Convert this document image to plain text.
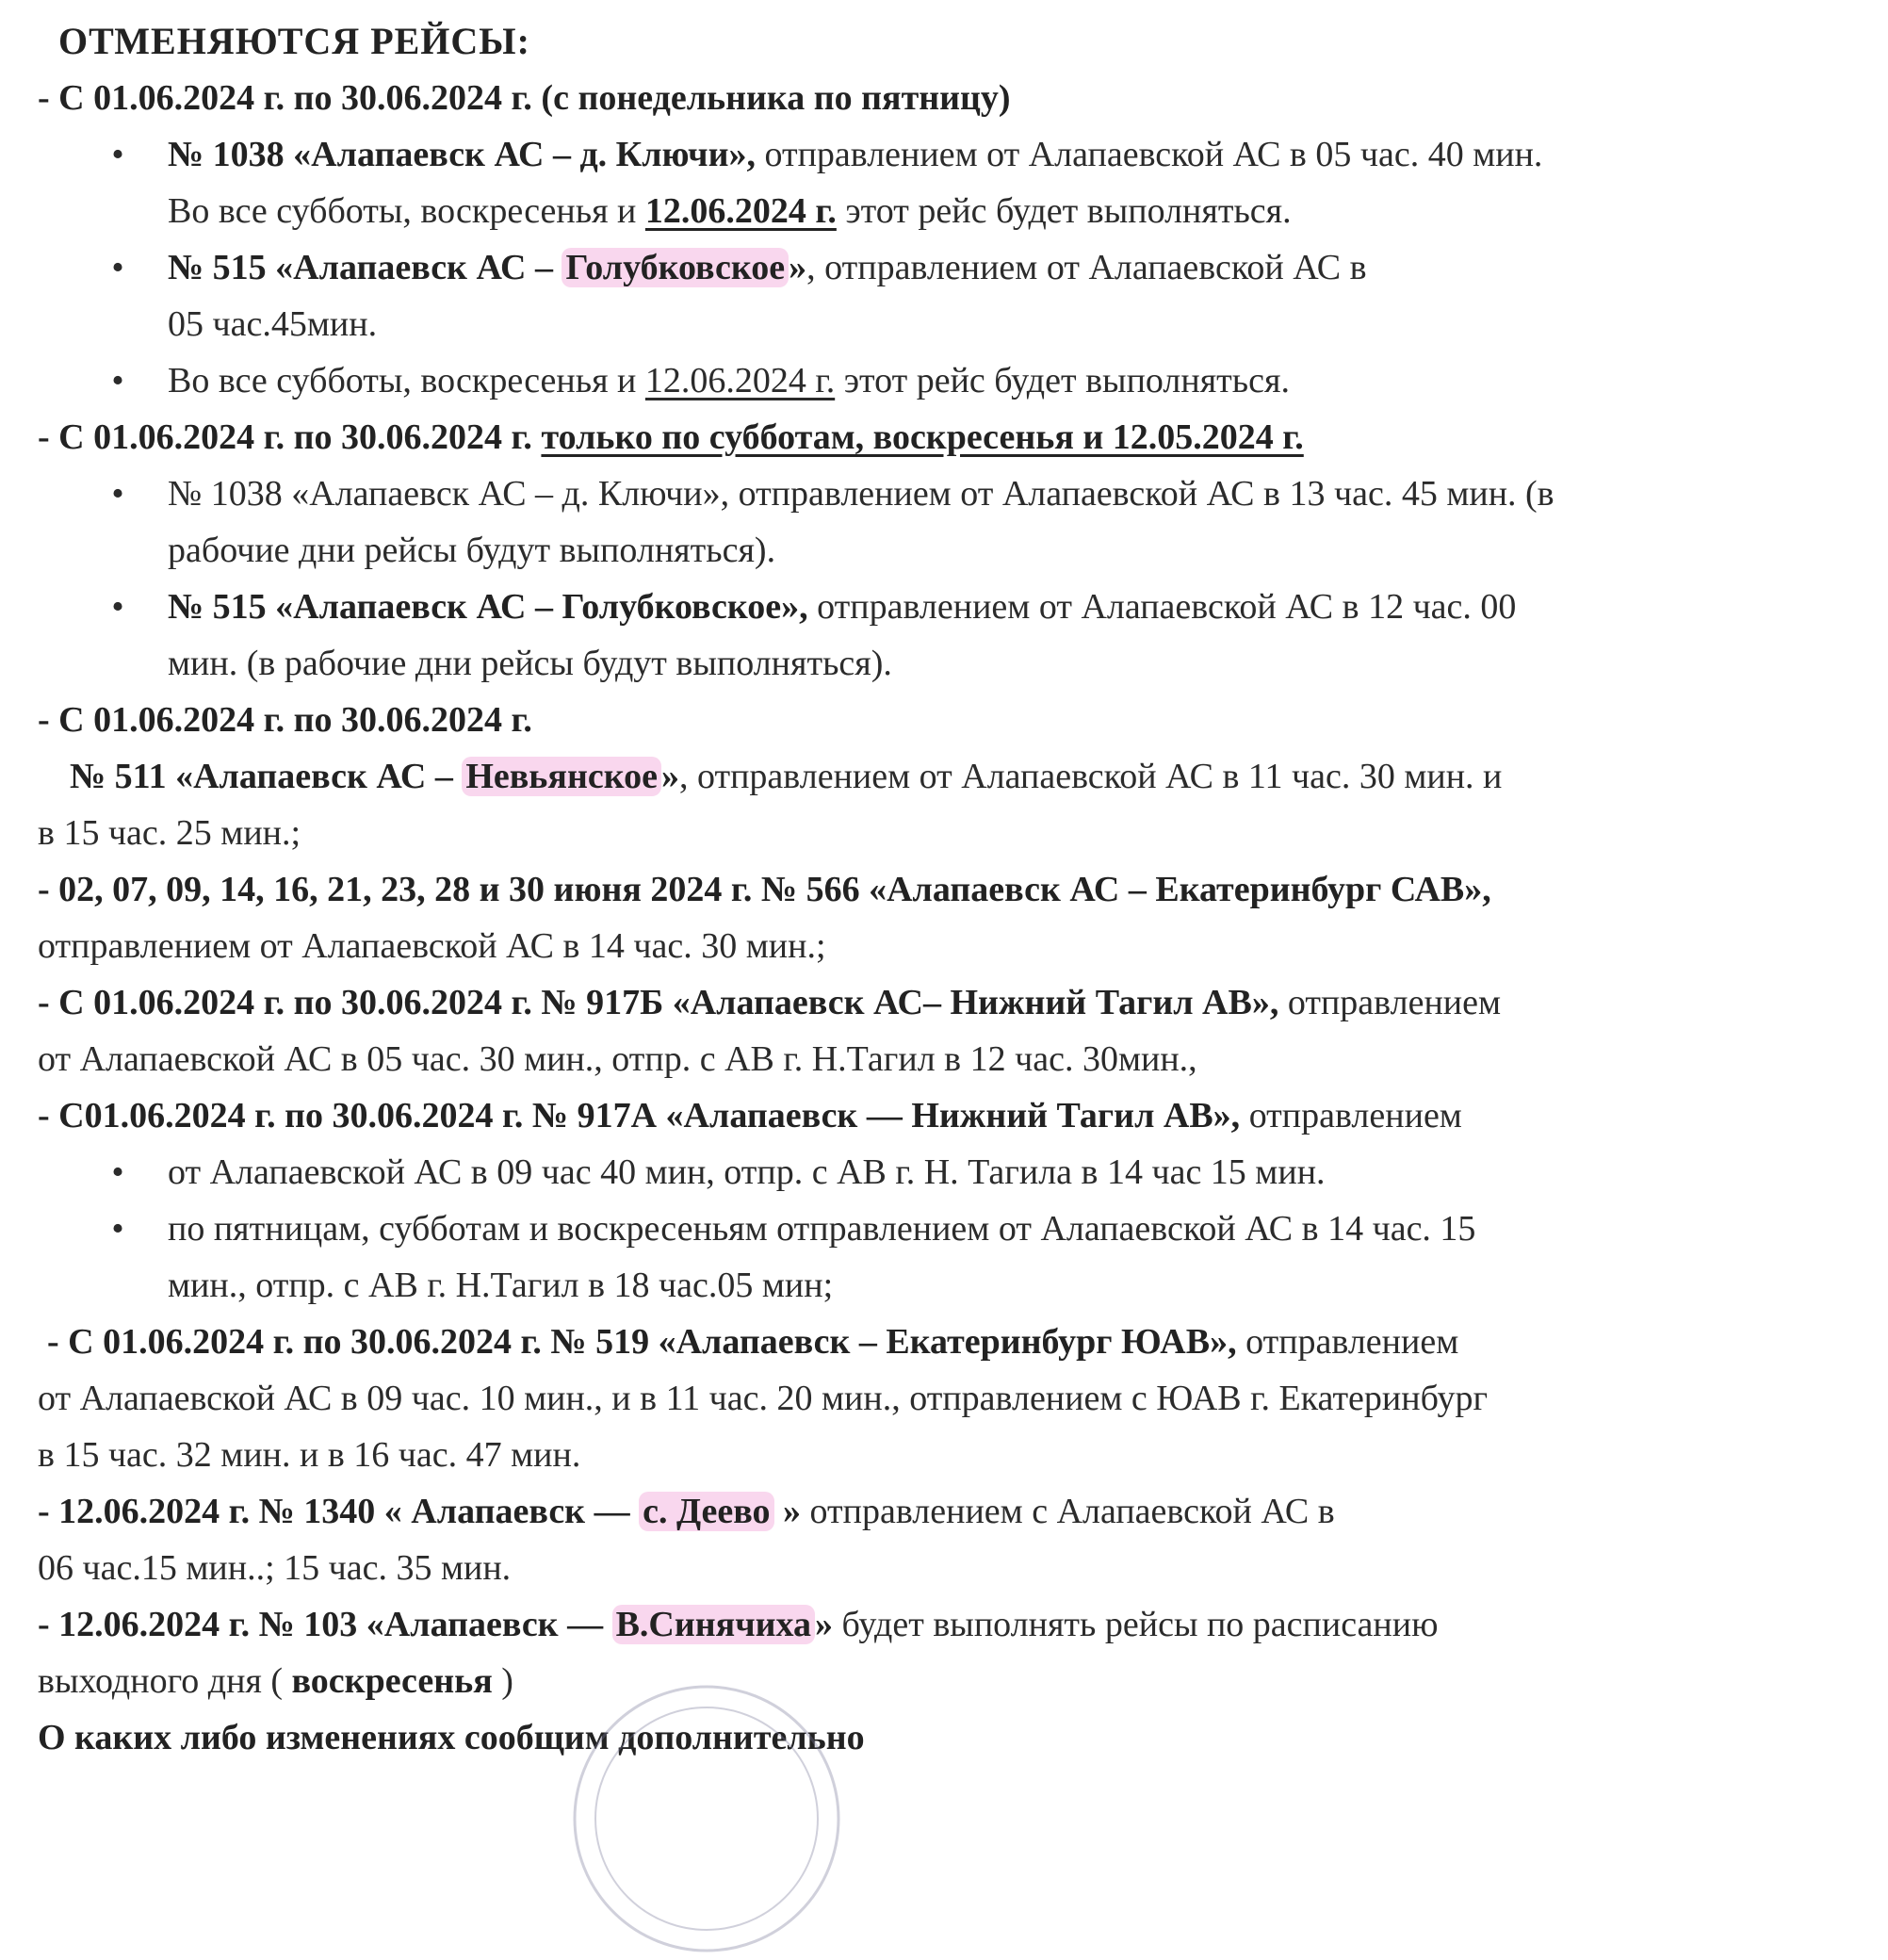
ОТМЕНЯЮТСЯ РЕЙСЫ:
- С 01.06.2024 г. по 30.06.2024 г. (с понедельника по пятницу)
•	№ 1038 «Алапаевск АС – д. Ключи», отправлением от Алапаевской АС в 05 час. 40 мин.
Во все субботы, воскресенья и 12.06.2024 г. этот рейс будет выполняться.
•	№ 515 «Алапаевск АС – Голубковское », отправлением от Алапаевской АС в
05 час.45мин.
•	Во все субботы, воскресенья и 12.06.2024 г. этот рейс будет выполняться.
- С 01.06.2024 г. по 30.06.2024 г. только по субботам, воскресенья и 12.05.2024 г.
•	№ 1038 «Алапаевск АС – д. Ключи», отправлением от Алапаевской АС в 13 час. 45 мин. (в
рабочие дни рейсы будут выполняться).
•	№ 515 «Алапаевск АС – Голубковское», отправлением от Алапаевской АС в 12 час. 00
мин. (в рабочие дни рейсы будут выполняться).
- С 01.06.2024 г. по 30.06.2024 г.
№ 511 «Алапаевск АС – Невьянское », отправлением от Алапаевской АС в 11 час. 30 мин. и
в 15 час. 25 мин.;
- 02, 07, 09, 14, 16, 21, 23, 28 и 30 июня 2024 г. № 566 «Алапаевск АС – Екатеринбург САВ»,
отправлением от Алапаевской АС в 14 час. 30 мин.;
- С 01.06.2024 г. по 30.06.2024 г. № 917Б «Алапаевск АС– Нижний Тагил АВ», отправлением
от Алапаевской АС в 05 час. 30 мин., отпр. с АВ г. Н.Тагил в 12 час. 30мин.,
- С01.06.2024 г. по 30.06.2024 г. № 917А «Алапаевск — Нижний Тагил АВ», отправлением
•	от Алапаевской АС в 09 час 40 мин, отпр. с АВ г. Н. Тагила в 14 час 15 мин.
•	по пятницам, субботам и воскресеньям отправлением от Алапаевской АС в 14 час. 15
мин., отпр. с АВ г. Н.Тагил в 18 час.05 мин;
- С 01.06.2024 г. по 30.06.2024 г. № 519 «Алапаевск – Екатеринбург ЮАВ», отправлением
от Алапаевской АС в 09 час. 10 мин., и в 11 час. 20 мин., отправлением с ЮАВ г. Екатеринбург
в 15 час. 32 мин. и в 16 час. 47 мин.
- 12.06.2024 г. № 1340 « Алапаевск — с. Деево » отправлением с Алапаевской АС в
06 час.15 мин..; 15 час. 35 мин.
- 12.06.2024 г. № 103 «Алапаевск — В.Синячиха » будет выполнять рейсы по расписанию
выходного дня ( воскресенья )
О каких либо изменениях сообщим дополнительно
